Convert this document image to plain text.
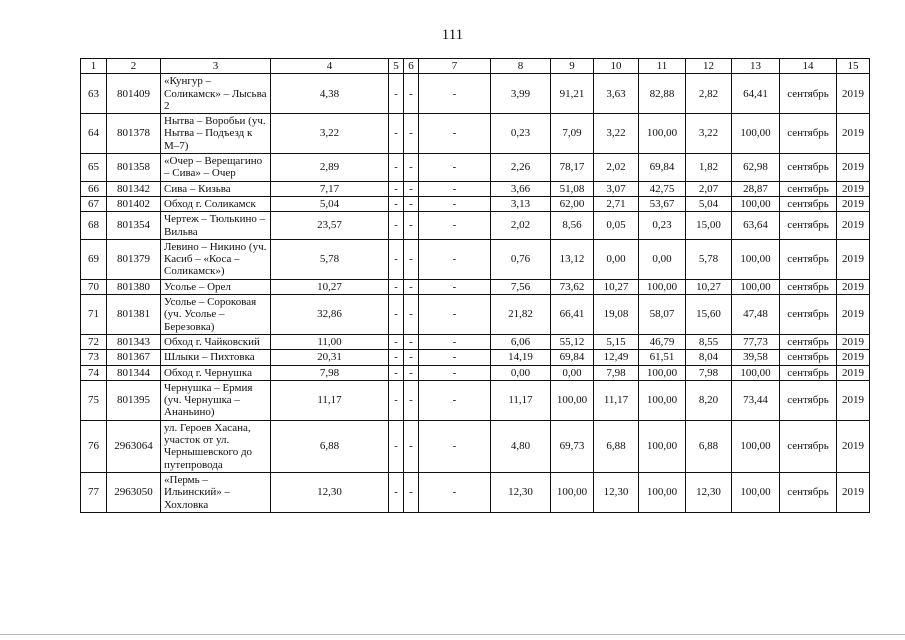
111
1	2	3	4	5	6	7	8	9	10	11	12	13	14	15
63	801409	«Кунгур – Соликамск» – Лысьва 2	4,38	-	-	-	3,99	91,21	3,63	82,88	2,82	64,41	сентябрь	2019
64	801378	Нытва – Воробьи (уч. Нытва – Подъезд к М–7)	3,22	-	-	-	0,23	7,09	3,22	100,00	3,22	100,00	сентябрь	2019
65	801358	«Очер – Верещагино – Сива» – Очер	2,89	-	-	-	2,26	78,17	2,02	69,84	1,82	62,98	сентябрь	2019
66	801342	Сива – Кизьва	7,17	-	-	-	3,66	51,08	3,07	42,75	2,07	28,87	сентябрь	2019
67	801402	Обход г. Соликамск	5,04	-	-	-	3,13	62,00	2,71	53,67	5,04	100,00	сентябрь	2019
68	801354	Чертеж – Тюлькино – Вильва	23,57	-	-	-	2,02	8,56	0,05	0,23	15,00	63,64	сентябрь	2019
69	801379	Левино – Никино (уч. Касиб – «Коса – Соликамск»)	5,78	-	-	-	0,76	13,12	0,00	0,00	5,78	100,00	сентябрь	2019
70	801380	Усолье – Орел	10,27	-	-	-	7,56	73,62	10,27	100,00	10,27	100,00	сентябрь	2019
71	801381	Усолье – Сороковая (уч. Усолье – Березовка)	32,86	-	-	-	21,82	66,41	19,08	58,07	15,60	47,48	сентябрь	2019
72	801343	Обход г. Чайковский	11,00	-	-	-	6,06	55,12	5,15	46,79	8,55	77,73	сентябрь	2019
73	801367	Шлыки – Пихтовка	20,31	-	-	-	14,19	69,84	12,49	61,51	8,04	39,58	сентябрь	2019
74	801344	Обход г. Чернушка	7,98	-	-	-	0,00	0,00	7,98	100,00	7,98	100,00	сентябрь	2019
75	801395	Чернушка – Ермия (уч. Чернушка – Ананьино)	11,17	-	-	-	11,17	100,00	11,17	100,00	8,20	73,44	сентябрь	2019
76	2963064	ул. Героев Хасана, участок от ул. Чернышевского до путепровода	6,88	-	-	-	4,80	69,73	6,88	100,00	6,88	100,00	сентябрь	2019
77	2963050	«Пермь – Ильинский» – Хохловка	12,30	-	-	-	12,30	100,00	12,30	100,00	12,30	100,00	сентябрь	2019
